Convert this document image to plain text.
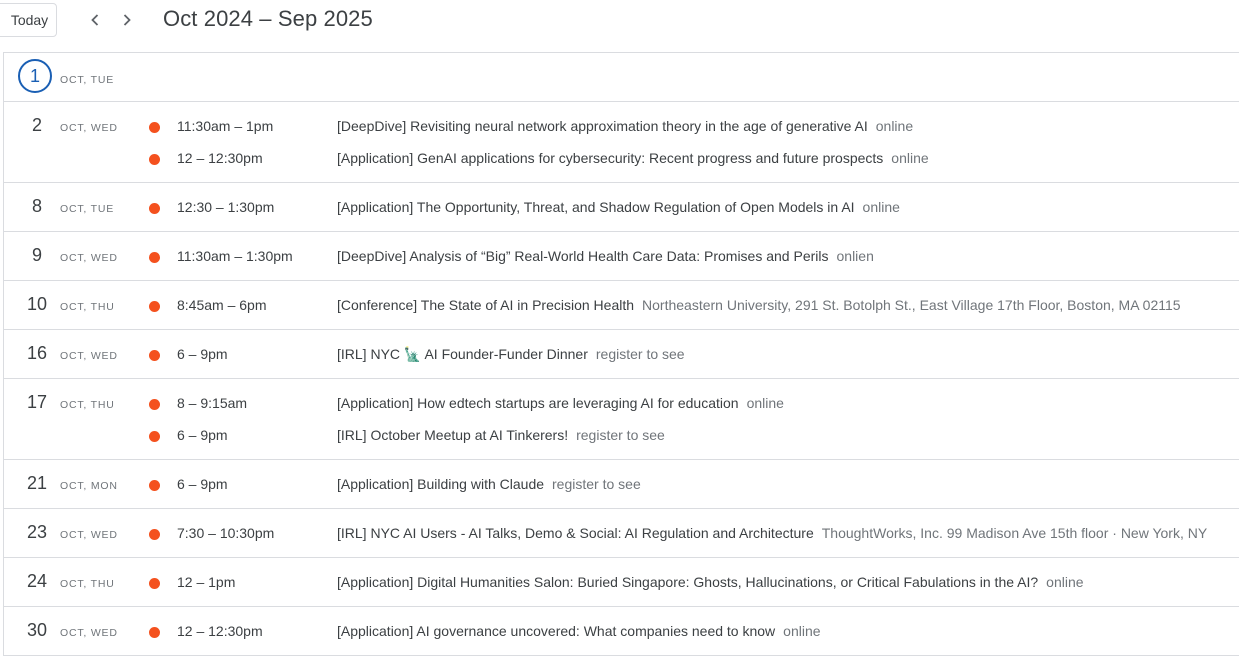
Today	Oct 2024 – Sep 2025
1	OCT, TUE
2	OCT, WED	11:30am – 1pm	[DeepDive] Revisiting neural network approximation theory in the age of generative AI online
12 – 12:30pm	[Application] GenAI applications for cybersecurity: Recent progress and future prospects online
8	OCT, TUE	12:30 – 1:30pm	[Application] The Opportunity, Threat, and Shadow Regulation of Open Models in AI online
9	OCT, WED	11:30am – 1:30pm	[DeepDive] Analysis of “Big” Real-World Health Care Data: Promises and Perils onlien
10	OCT, THU	8:45am – 6pm	[Conference] The State of AI in Precision Health Northeastern University, 291 St. Botolph St., East Village 17th Floor, Boston, MA 02115
16	OCT, WED	6 – 9pm	[IRL] NYC 🗽 AI Founder-Funder Dinner register to see
17	OCT, THU	8 – 9:15am	[Application] How edtech startups are leveraging AI for education online
6 – 9pm	[IRL] October Meetup at AI Tinkerers! register to see
21	OCT, MON	6 – 9pm	[Application] Building with Claude register to see
23	OCT, WED	7:30 – 10:30pm	[IRL] NYC AI Users - AI Talks, Demo & Social: AI Regulation and Architecture ThoughtWorks, Inc. 99 Madison Ave 15th floor · New York, NY
24	OCT, THU	12 – 1pm	[Application] Digital Humanities Salon: Buried Singapore: Ghosts, Hallucinations, or Critical Fabulations in the AI? online
30	OCT, WED	12 – 12:30pm	[Application] AI governance uncovered: What companies need to know online
